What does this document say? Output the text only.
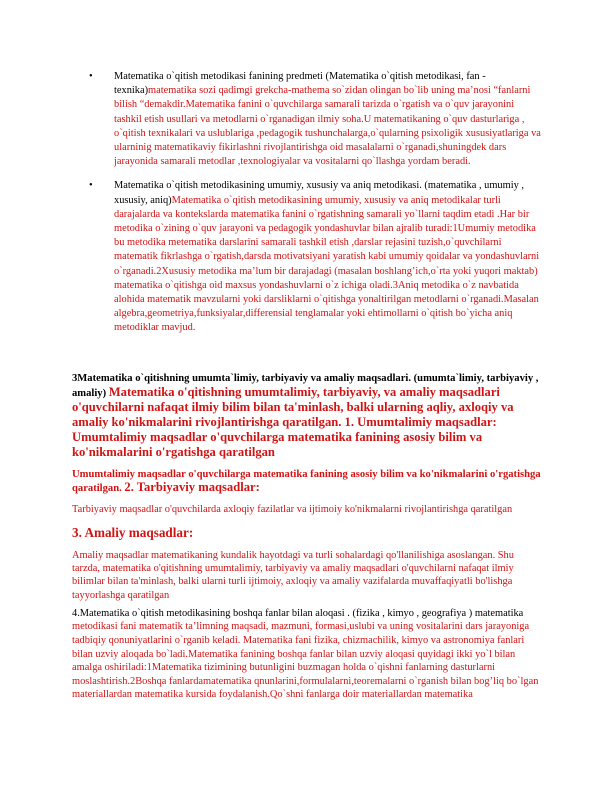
•	Matematika o`qitish metodikasi fanining predmeti (Matematika o`qitish metodikasi, fan -texnika)matematika sozi qadimgi grekcha-mathema so`zidan olingan bo`lib uning ma’nosi “fanlarni bilish “demakdir.Matematika fanini o`quvchilarga samarali tarizda o`rgatish va o`quv jarayonini tashkil etish usullari va metodlarni o`rganadigan ilmiy soha.U matematikaning o`quv dasturlariga , o`qitish texnikalari va uslublariga ,pedagogik tushunchalarga,o`qularning psixoligik xususiyatlariga va ularninig matematikaviy fikirlashni rivojlantirishga oid masalalarni o`rganadi,shuningdek dars jarayonida samarali metodlar ,texnologiyalar va vositalarni qo`llashga yordam beradi.
•	Matematika o`qitish metodikasining umumiy, xususiy va aniq metodikasi. (matematika , umumiy , xususiy, aniq)Matematika o`qitish metodikasining umumiy, xususiy va aniq metodikalar turli darajalarda va kontekslarda matematika fanini o`rgatishning samarali yo`llarni taqdim etadi .Har bir metodika o`zining o`quv jarayoni va pedagogik yondashuvlar bilan ajralib turadi:1Umumiy metodika bu metodika metematika darslarini samarali tashkil etish ,darslar rejasini tuzish,o`quvchilarni matematik fikrlashga o`rgatish,darsda motivatsiyani yaratish kabi umumiy qoidalar va yondashuvlarni o`rganadi.2Xususiy metodika ma’lum bir darajadagi (masalan boshlang’ich,o`rta yoki yuqori maktab) matematika o`qitishga oid maxsus yondashuvlarni o`z ichiga oladi.3Aniq metodika o`z navbatida alohida matematik mavzularni yoki darsliklarni o`qitishga yonaltirilgan metodlarni o`rganadi.Masalan algebra,geometriya,funksiyalar,differensial tenglamalar yoki ehtimollarni o`qitish bo`yicha aniq metodiklar mavjud.

3Matematika o`qitishning umumta`limiy, tarbiyaviy va amaliy maqsadlari. (umumta`limiy, tarbiyaviy , amaliy) Matematika o'qitishning umumtalimiy, tarbiyaviy, va amaliy maqsadlari o'quvchilarni nafaqat ilmiy bilim bilan ta'minlash, balki ularning aqliy, axloqiy va amaliy ko'nikmalarini rivojlantirishga qaratilgan. 1. Umumtalimiy maqsadlar: Umumtalimiy maqsadlar o'quvchilarga matematika fanining asosiy bilim va ko'nikmalarini o'rgatishga qaratilgan

Umumtalimiy maqsadlar o'quvchilarga matematika fanining asosiy bilim va ko'nikmalarini o'rgatishga qaratilgan. 2. Tarbiyaviy maqsadlar:

Tarbiyaviy maqsadlar o'quvchilarda axloqiy fazilatlar va ijtimoiy ko'nikmalarni rivojlantirishga qaratilgan

3. Amaliy maqsadlar:

Amaliy maqsadlar matematikaning kundalik hayotdagi va turli sohalardagi qo'llanilishiga asoslangan. Shu tarzda, matematika o'qitishning umumtalimiy, tarbiyaviy va amaliy maqsadlari o'quvchilarni nafaqat ilmiy bilimlar bilan ta'minlash, balki ularni turli ijtimoiy, axloqiy va amaliy vazifalarda muvaffaqiyatli bo'lishga tayyorlashga qaratilgan

4.Matematika o`qitish metodikasining boshqa fanlar bilan aloqasi . (fizika , kimyo , geografiya ) matematika metodikasi fani matematik ta’limning maqsadi, mazmuni, formasi,uslubi va uning vositalarini dars jarayoniga tadbiqiy qonuniyatlarini o`rganib keladi. Matematika fani fizika, chizmachilik, kimyo va astronomiya fanlari bilan uzviy aloqada bo`ladi.Matematika fanining boshqa fanlar bilan uzviy aloqasi quyidagi ikki yo`l bilan amalga oshiriladi:1Matematika tizimining butunligini buzmagan holda o`qishni fanlarning dasturlarni moslashtirish.2Boshqa fanlardamatematika qnunlarini,formulalarni,teoremalarni o`rganish bilan bog’liq bo`lgan materiallardan matematika kursida foydalanish.Qo`shni fanlarga doir materiallardan matematika
